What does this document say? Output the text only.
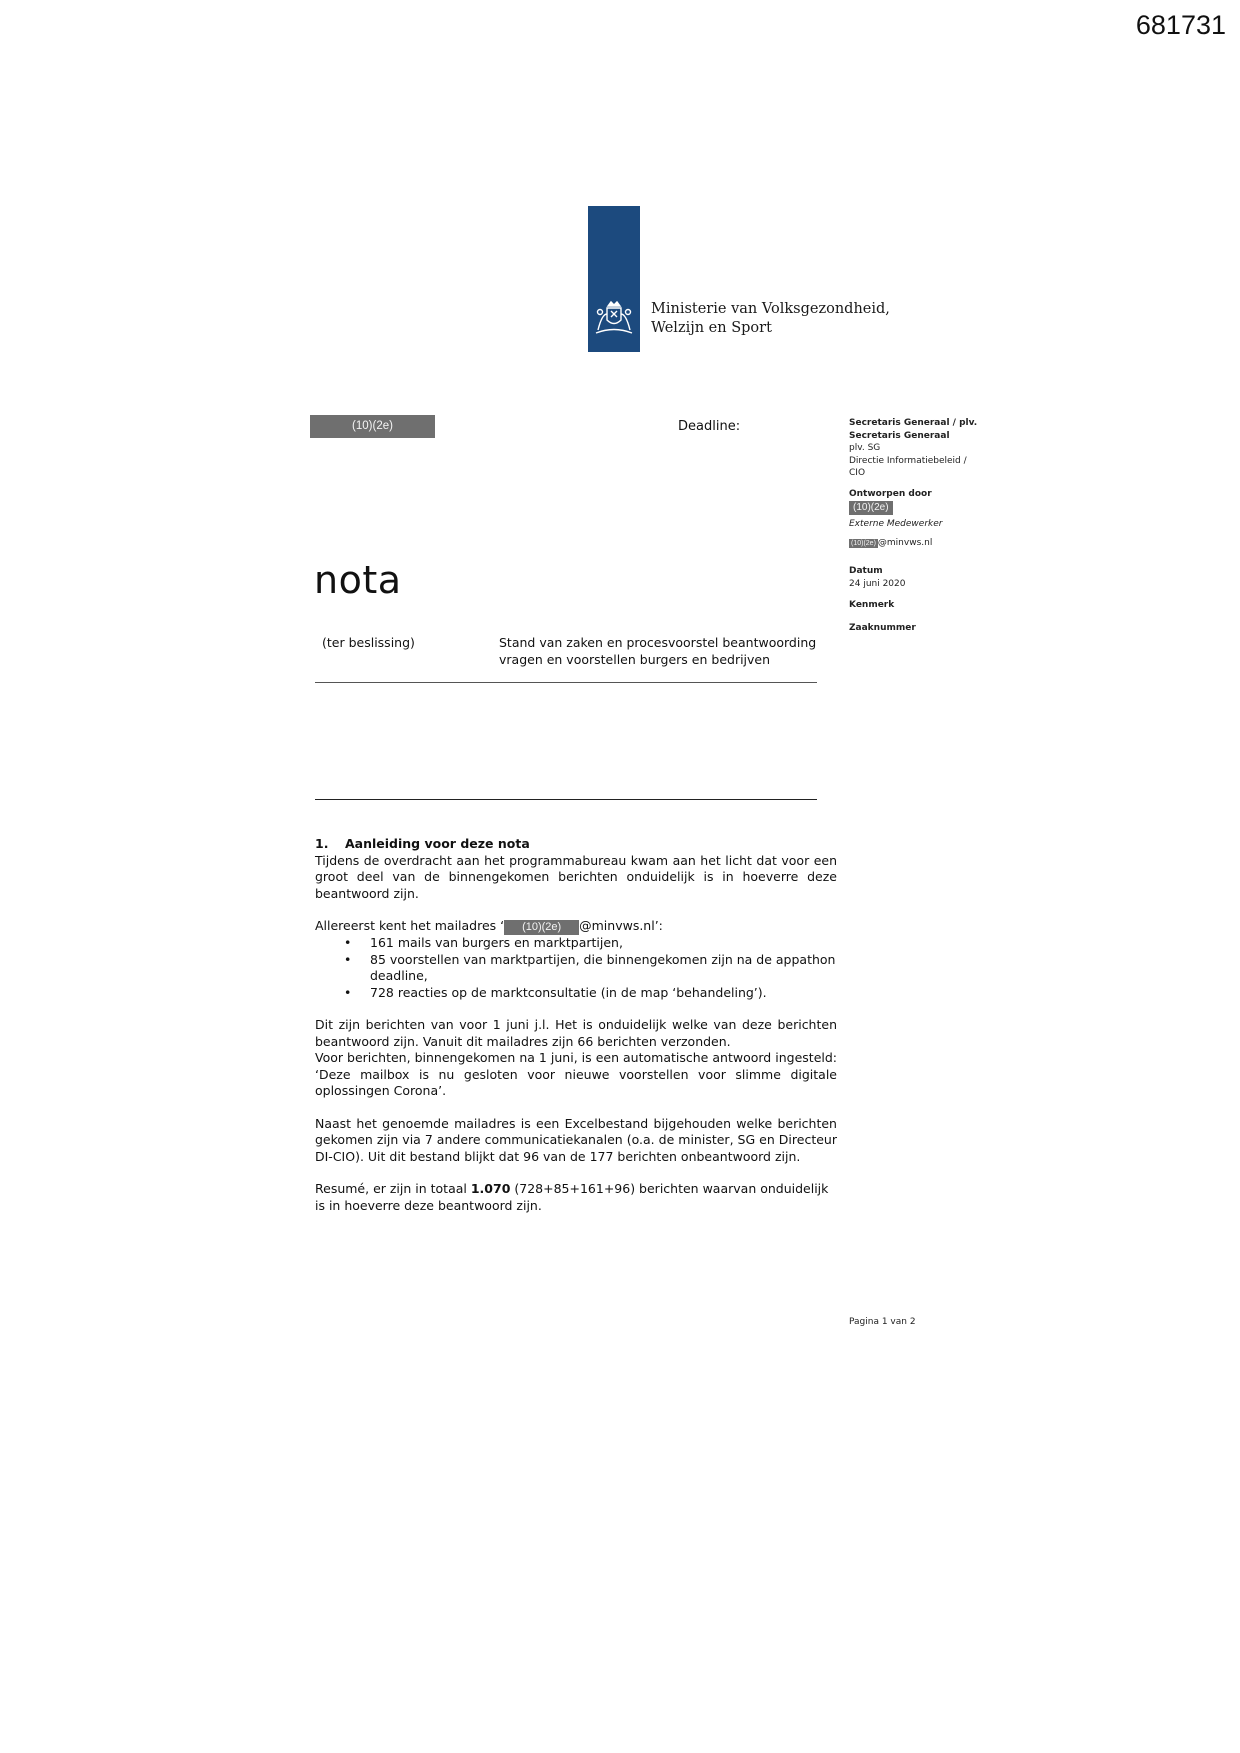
681731
Ministerie van Volksgezondheid,
Welzijn en Sport
(10)(2e)	Deadline:	Secretaris Generaal / plv.
Secretaris Generaal
plv. SG
Directie Informatiebeleid /
CIO
Ontworpen door
(10)(2e)
Externe Medewerker
(10)(2e) @minvws.nl
Datum
24 juni 2020
Kenmerk
Zaaknummer
nota
(ter beslissing)	Stand van zaken en procesvoorstel beantwoording
vragen en voorstellen burgers en bedrijven
1. Aanleiding voor deze nota

Tijdens de overdracht aan het programmabureau kwam aan het licht dat voor een groot deel van de binnengekomen berichten onduidelijk is in hoeverre deze beantwoord zijn.

Allereerst kent het mailadres ‘ (10)(2e) @minvws.nl’:
• 161 mails van burgers en marktpartijen,
• 85 voorstellen van marktpartijen, die binnengekomen zijn na de appathon deadline,
• 728 reacties op de marktconsultatie (in de map ‘behandeling’).
Dit zijn berichten van voor 1 juni j.l. Het is onduidelijk welke van deze berichten beantwoord zijn. Vanuit dit mailadres zijn 66 berichten verzonden.
Voor berichten, binnengekomen na 1 juni, is een automatische antwoord ingesteld: ‘Deze mailbox is nu gesloten voor nieuwe voorstellen voor slimme digitale oplossingen Corona’.

Naast het genoemde mailadres is een Excelbestand bijgehouden welke berichten gekomen zijn via 7 andere communicatiekanalen (o.a. de minister, SG en Directeur DI-CIO). Uit dit bestand blijkt dat 96 van de 177 berichten onbeantwoord zijn.

Resumé, er zijn in totaal 1.070 (728+85+161+96) berichten waarvan onduidelijk is in hoeverre deze beantwoord zijn.

Pagina 1 van 2
